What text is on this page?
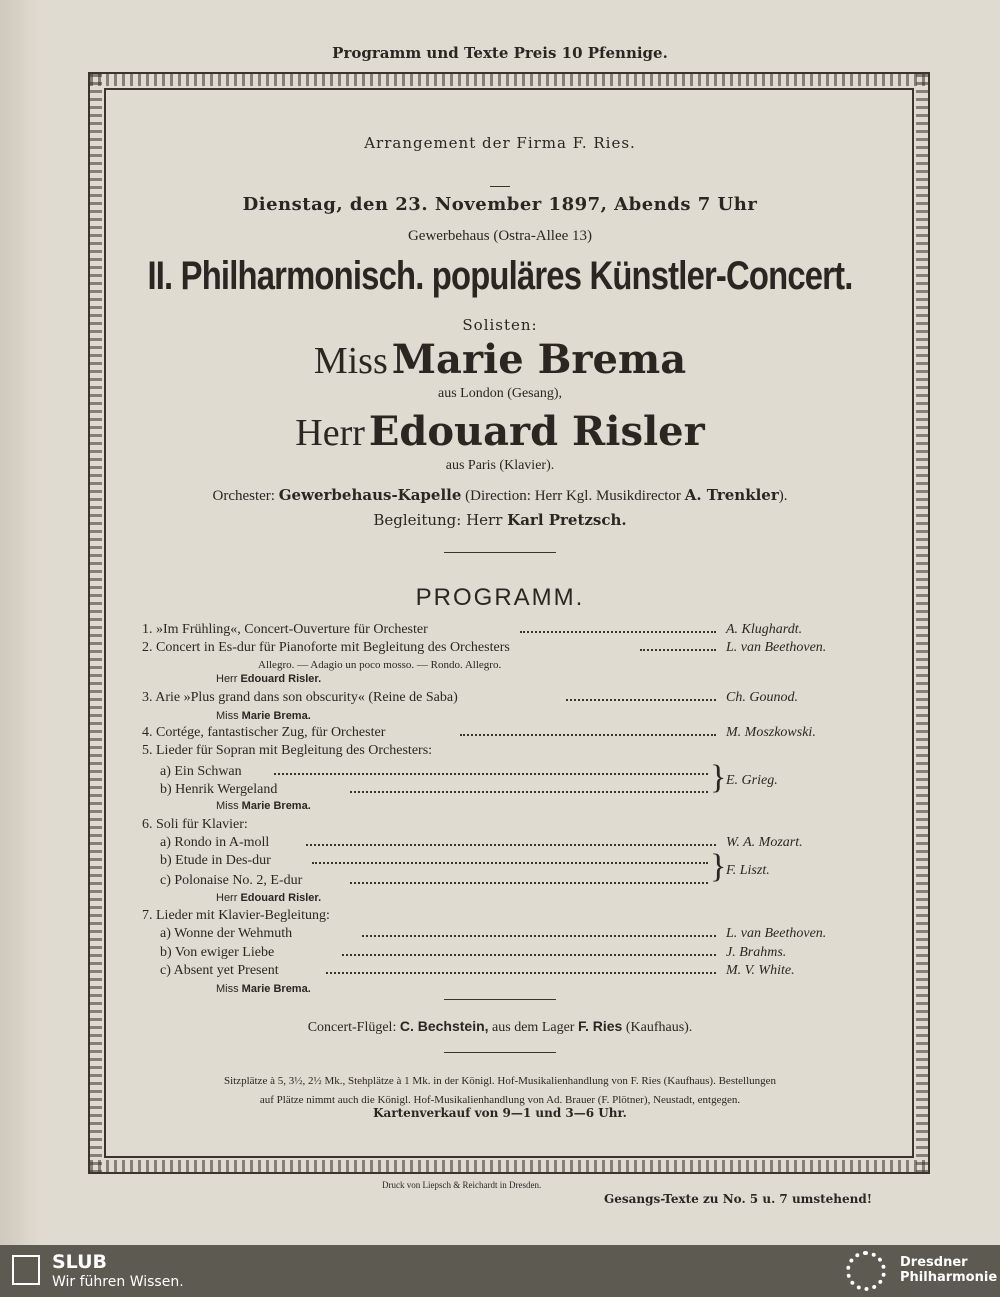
Programm und Texte Preis 10 Pfennige.
Arrangement der Firma F. Ries.
Dienstag, den 23. November 1897, Abends 7 Uhr
Gewerbehaus (Ostra-Allee 13)
II. Philharmonisch. populäres Künstler-Concert.
Solisten:
Miss Marie Brema
aus London (Gesang),
Herr Edouard Risler
aus Paris (Klavier).
Orchester: Gewerbehaus-Kapelle (Direction: Herr Kgl. Musikdirector A. Trenkler).
Begleitung: Herr Karl Pretzsch.
PROGRAMM.
1. »Im Frühling«, Concert-Ouverture für Orchester	A. Klughardt.
2. Concert in Es-dur für Pianoforte mit Begleitung des Orchesters	L. van Beethoven.
Allegro. — Adagio un poco mosso. — Rondo. Allegro.
Herr Edouard Risler.
3. Arie »Plus grand dans son obscurity« (Reine de Saba)	Ch. Gounod.
Miss Marie Brema.
4. Cortége, fantastischer Zug, für Orchester	M. Moszkowski.
5. Lieder für Sopran mit Begleitung des Orchesters:
a) Ein Schwan
b) Henrik Wergeland	} E. Grieg.
Miss Marie Brema.
6. Soli für Klavier:
a) Rondo in A-moll	W. A. Mozart.
b) Etude in Des-dur
c) Polonaise No. 2, E-dur	} F. Liszt.
Herr Edouard Risler.
7. Lieder mit Klavier-Begleitung:
a) Wonne der Wehmuth	L. van Beethoven.
b) Von ewiger Liebe	J. Brahms.
c) Absent yet Present	M. V. White.
Miss Marie Brema.
Concert-Flügel: C. Bechstein, aus dem Lager F. Ries (Kaufhaus).
Sitzplätze à 5, 3½, 2½ Mk., Stehplätze à 1 Mk. in der Königl. Hof-Musikalienhandlung von F. Ries (Kaufhaus). Bestellungen
auf Plätze nimmt auch die Königl. Hof-Musikalienhandlung von Ad. Brauer (F. Plötner), Neustadt, entgegen.
Kartenverkauf von 9—1 und 3—6 Uhr.
Druck von Liepsch & Reichardt in Dresden.
Gesangs-Texte zu No. 5 u. 7 umstehend!
SLUB
Wir führen Wissen.
Dresdner
Philharmonie
